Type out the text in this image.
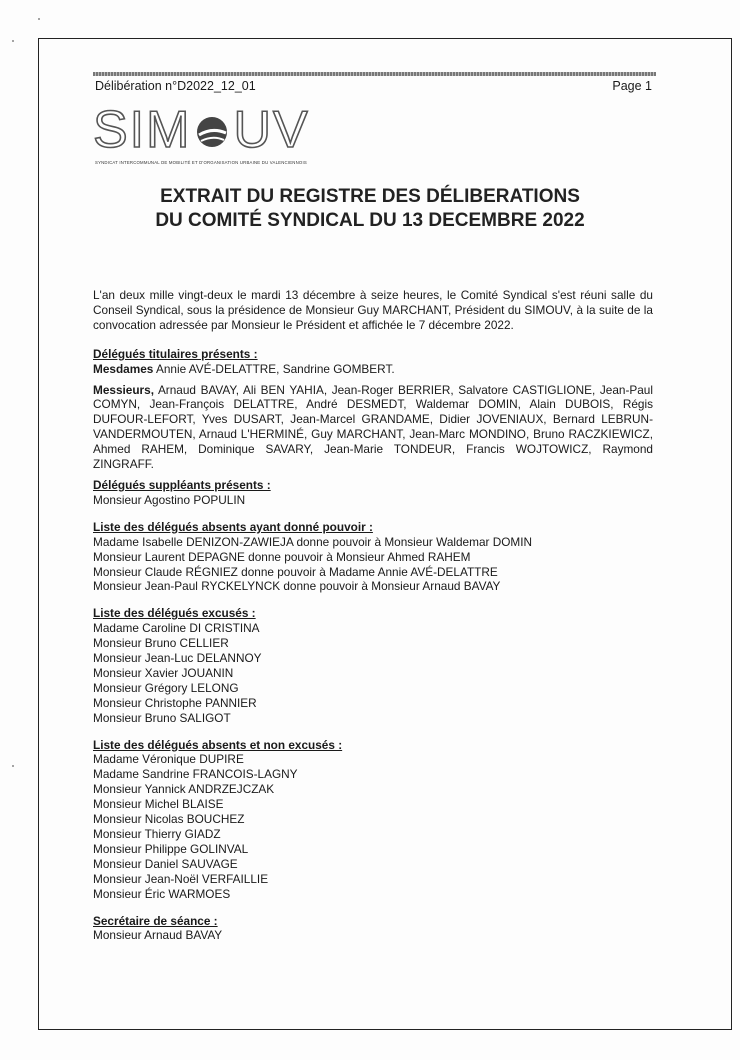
Délibération n°D2022_12_01	Page 1
SIM UV
SYNDICAT INTERCOMMUNAL DE MOBILITÉ ET D'ORGANISATION URBAINE DU VALENCIENNOIS
EXTRAIT DU REGISTRE DES DÉLIBERATIONS
DU COMITÉ SYNDICAL DU 13 DECEMBRE 2022

L'an deux mille vingt-deux le mardi 13 décembre à seize heures, le Comité Syndical s'est réuni salle du Conseil Syndical, sous la présidence de Monsieur Guy MARCHANT, Président du SIMOUV, à la suite de la convocation adressée par Monsieur le Président et affichée le 7 décembre 2022.

Délégués titulaires présents :

Mesdames Annie AVÉ-DELATTRE, Sandrine GOMBERT.

Messieurs, Arnaud BAVAY, Ali BEN YAHIA, Jean-Roger BERRIER, Salvatore CASTIGLIONE, Jean-Paul COMYN, Jean-François DELATTRE, André DESMEDT, Waldemar DOMIN, Alain DUBOIS, Régis DUFOUR-LEFORT, Yves DUSART, Jean-Marcel GRANDAME, Didier JOVENIAUX, Bernard LEBRUN-VANDERMOUTEN, Arnaud L'HERMINÉ, Guy MARCHANT, Jean-Marc MONDINO, Bruno RACZKIEWICZ, Ahmed RAHEM, Dominique SAVARY, Jean-Marie TONDEUR, Francis WOJTOWICZ, Raymond ZINGRAFF.

Délégués suppléants présents :

Monsieur Agostino POPULIN

Liste des délégués absents ayant donné pouvoir :

Madame Isabelle DENIZON-ZAWIEJA donne pouvoir à Monsieur Waldemar DOMIN

Monsieur Laurent DEPAGNE donne pouvoir à Monsieur Ahmed RAHEM

Monsieur Claude RÉGNIEZ donne pouvoir à Madame Annie AVÉ-DELATTRE

Monsieur Jean-Paul RYCKELYNCK donne pouvoir à Monsieur Arnaud BAVAY

Liste des délégués excusés :

Madame Caroline DI CRISTINA

Monsieur Bruno CELLIER

Monsieur Jean-Luc DELANNOY

Monsieur Xavier JOUANIN

Monsieur Grégory LELONG

Monsieur Christophe PANNIER

Monsieur Bruno SALIGOT

Liste des délégués absents et non excusés :

Madame Véronique DUPIRE

Madame Sandrine FRANCOIS-LAGNY

Monsieur Yannick ANDRZEJCZAK

Monsieur Michel BLAISE

Monsieur Nicolas BOUCHEZ

Monsieur Thierry GIADZ

Monsieur Philippe GOLINVAL

Monsieur Daniel SAUVAGE

Monsieur Jean-Noël VERFAILLIE

Monsieur Éric WARMOES

Secrétaire de séance :

Monsieur Arnaud BAVAY
